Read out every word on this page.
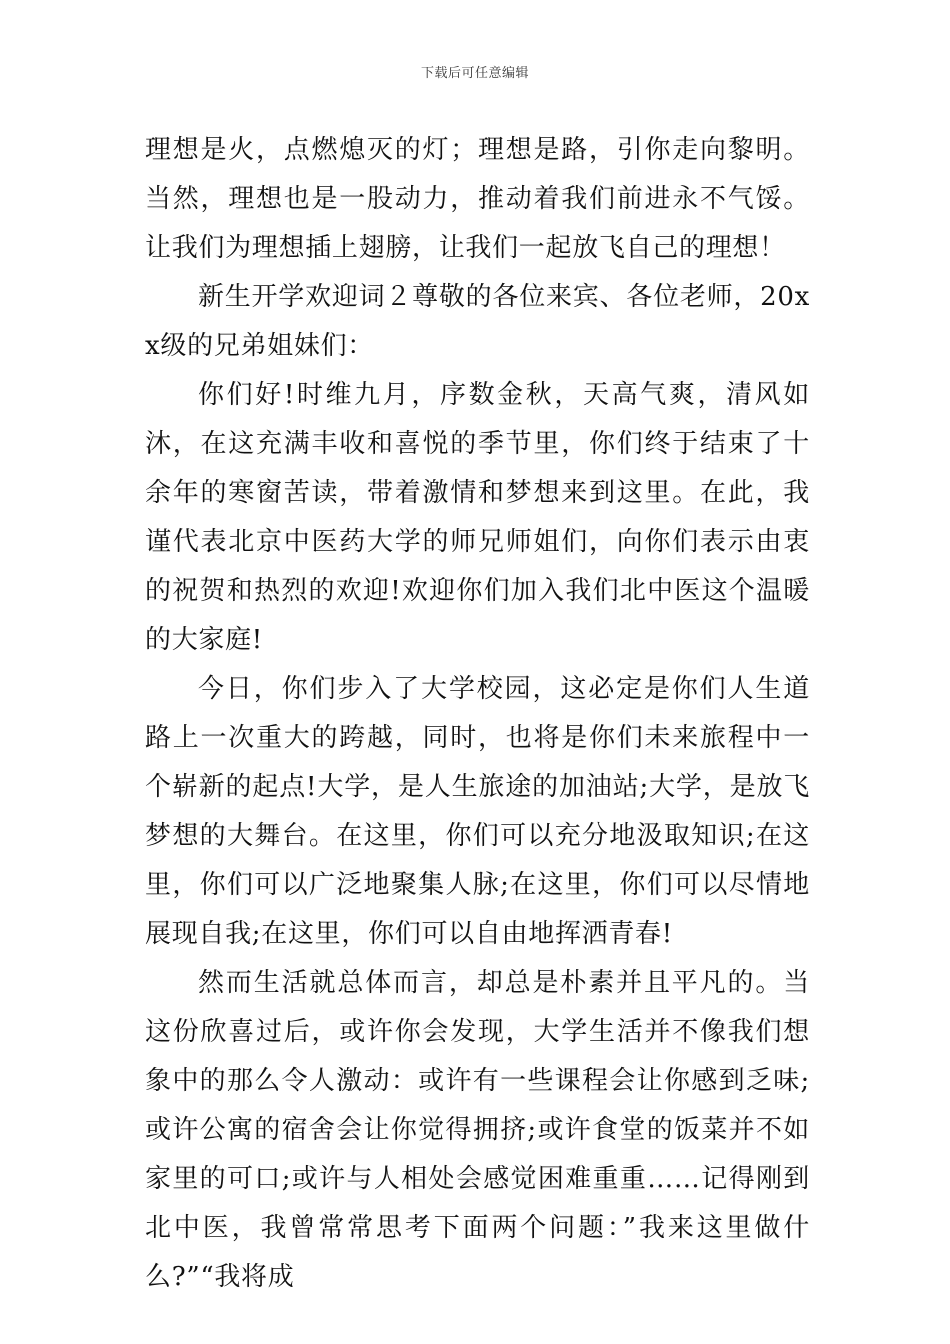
下载后可任意编辑

理想是火，点燃熄灭的灯；理想是路，引你走向黎明。当然，理想也是一股动力，推动着我们前进永不气馁。让我们为理想插上翅膀，让我们一起放飞自己的理想！

新生开学欢迎词２尊敬的各位来宾、各位老师，20xx级的兄弟姐妹们：

你们好!时维九月，序数金秋，天高气爽，清风如沐，在这充满丰收和喜悦的季节里，你们终于结束了十余年的寒窗苦读，带着激情和梦想来到这里。在此，我谨代表北京中医药大学的师兄师姐们，向你们表示由衷的祝贺和热烈的欢迎!欢迎你们加入我们北中医这个温暖的大家庭!

今日，你们步入了大学校园，这必定是你们人生道路上一次重大的跨越，同时，也将是你们未来旅程中一个崭新的起点!大学，是人生旅途的加油站;大学，是放飞梦想的大舞台。在这里，你们可以充分地汲取知识;在这里，你们可以广泛地聚集人脉;在这里，你们可以尽情地展现自我;在这里，你们可以自由地挥洒青春!

然而生活就总体而言，却总是朴素并且平凡的。当这份欣喜过后，或许你会发现，大学生活并不像我们想象中的那么令人激动：或许有一些课程会让你感到乏味;或许公寓的宿舍会让你觉得拥挤;或许食堂的饭菜并不如家里的可口;或许与人相处会感觉困难重重……记得刚到北中医，我曾常常思考下面两个问题：”我来这里做什么?”“我将成
